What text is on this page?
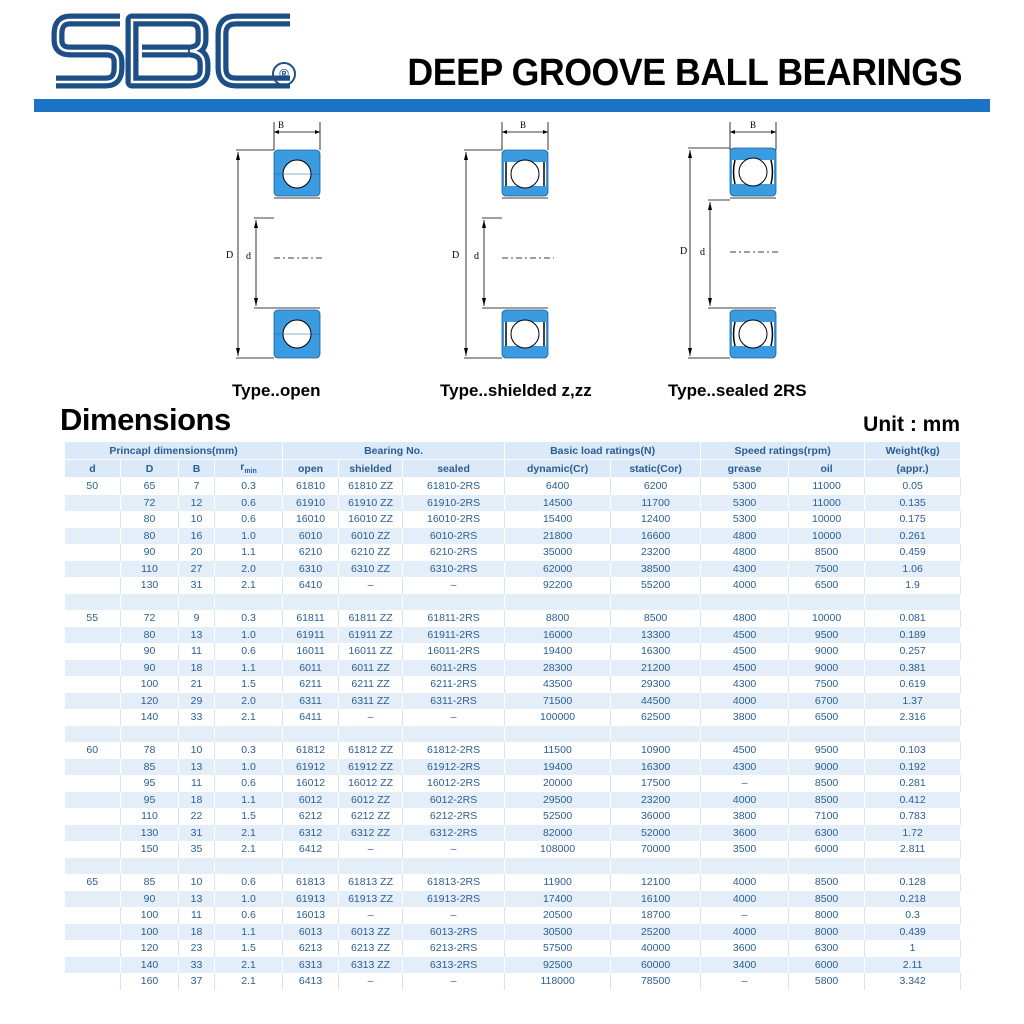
®	DEEP GROOVE BALL BEARINGS
B
D d
B
D d
B
D d
Type..open	Type..shielded z,zz	Type..sealed 2RS
Dimensions	Unit : mm
Princapl dimensions(mm)				Bearing No.			Basic load ratings(N)		Speed ratings(rpm)		Weight(kg)
d	D	B	$r_{min}$	open	shielded	sealed	dynamic(Cr)	static(Cor)	grease	oil	(appr.)
50	65	7	0.3	61810	61810 ZZ	61810-2RS	6400	6200	5300	11000	0.05
	72	12	0.6	61910	61910 ZZ	61910-2RS	14500	11700	5300	11000	0.135
	80	10	0.6	16010	16010 ZZ	16010-2RS	15400	12400	5300	10000	0.175
	80	16	1.0	6010	6010 ZZ	6010-2RS	21800	16600	4800	10000	0.261
	90	20	1.1	6210	6210 ZZ	6210-2RS	35000	23200	4800	8500	0.459
	110	27	2.0	6310	6310 ZZ	6310-2RS	62000	38500	4300	7500	1.06
	130	31	2.1	6410	–	–	92200	55200	4000	6500	1.9

55	72	9	0.3	61811	61811 ZZ	61811-2RS	8800	8500	4800	10000	0.081
	80	13	1.0	61911	61911 ZZ	61911-2RS	16000	13300	4500	9500	0.189
	90	11	0.6	16011	16011 ZZ	16011-2RS	19400	16300	4500	9000	0.257
	90	18	1.1	6011	6011 ZZ	6011-2RS	28300	21200	4500	9000	0.381
	100	21	1.5	6211	6211 ZZ	6211-2RS	43500	29300	4300	7500	0.619
	120	29	2.0	6311	6311 ZZ	6311-2RS	71500	44500	4000	6700	1.37
	140	33	2.1	6411	–	–	100000	62500	3800	6500	2.316

60	78	10	0.3	61812	61812 ZZ	61812-2RS	11500	10900	4500	9500	0.103
	85	13	1.0	61912	61912 ZZ	61912-2RS	19400	16300	4300	9000	0.192
	95	11	0.6	16012	16012 ZZ	16012-2RS	20000	17500	–	8500	0.281
	95	18	1.1	6012	6012 ZZ	6012-2RS	29500	23200	4000	8500	0.412
	110	22	1.5	6212	6212 ZZ	6212-2RS	52500	36000	3800	7100	0.783
	130	31	2.1	6312	6312 ZZ	6312-2RS	82000	52000	3600	6300	1.72
	150	35	2.1	6412	–	–	108000	70000	3500	6000	2.811

65	85	10	0.6	61813	61813 ZZ	61813-2RS	11900	12100	4000	8500	0.128
	90	13	1.0	61913	61913 ZZ	61913-2RS	17400	16100	4000	8500	0.218
	100	11	0.6	16013	–	–	20500	18700	–	8000	0.3
	100	18	1.1	6013	6013 ZZ	6013-2RS	30500	25200	4000	8000	0.439
	120	23	1.5	6213	6213 ZZ	6213-2RS	57500	40000	3600	6300	1
	140	33	2.1	6313	6313 ZZ	6313-2RS	92500	60000	3400	6000	2.11
	160	37	2.1	6413	–	–	118000	78500	–	5800	3.342
